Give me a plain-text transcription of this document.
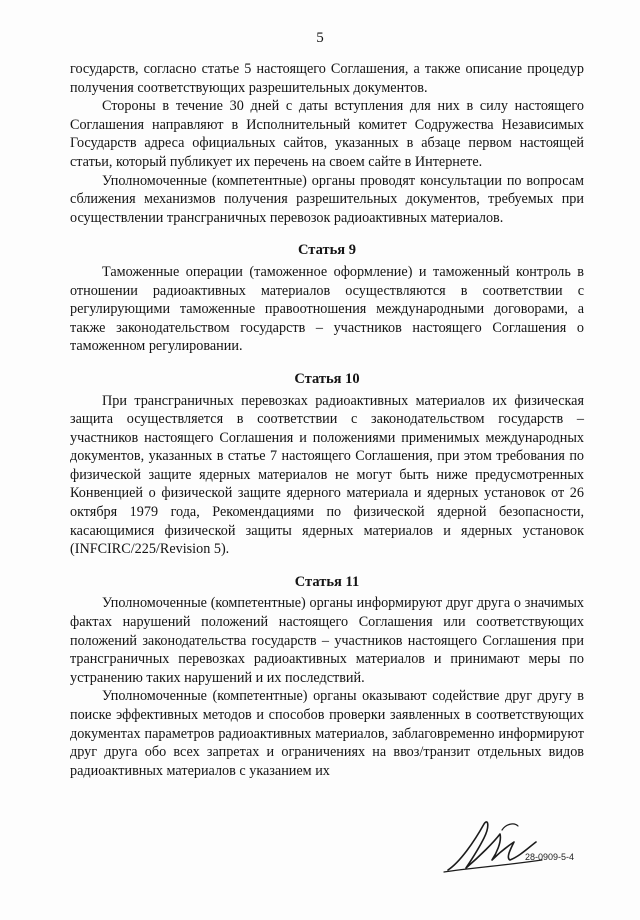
5

государств, согласно статье 5 настоящего Соглашения, а также описание процедур получения соответствующих разрешительных документов.

Стороны в течение 30 дней с даты вступления для них в силу настоящего Соглашения направляют в Исполнительный комитет Содружества Независимых Государств адреса официальных сайтов, указанных в абзаце первом настоящей статьи, который публикует их перечень на своем сайте в Интернете.

Уполномоченные (компетентные) органы проводят консультации по вопросам сближения механизмов получения разрешительных документов, требуемых при осуществлении трансграничных перевозок радиоактивных материалов.

Статья 9

Таможенные операции (таможенное оформление) и таможенный контроль в отношении радиоактивных материалов осуществляются в соответствии с регулирующими таможенные правоотношения международными договорами, а также законодательством государств – участников настоящего Соглашения о таможенном регулировании.

Статья 10

При трансграничных перевозках радиоактивных материалов их физическая защита осуществляется в соответствии с законодательством государств – участников настоящего Соглашения и положениями применимых международных документов, указанных в статье 7 настоящего Соглашения, при этом требования по физической защите ядерных материалов не могут быть ниже предусмотренных Конвенцией о физической защите ядерного материала и ядерных установок от 26 октября 1979 года, Рекомендациями по физической ядерной безопасности, касающимися физической защиты ядерных материалов и ядерных установок (INFCIRC/225/Revision 5).

Статья 11

Уполномоченные (компетентные) органы информируют друг друга о значимых фактах нарушений положений настоящего Соглашения или соответствующих положений законодательства государств – участников настоящего Соглашения при трансграничных перевозках радиоактивных материалов и принимают меры по устранению таких нарушений и их последствий.

Уполномоченные (компетентные) органы оказывают содействие друг другу в поиске эффективных методов и способов проверки заявленных в соответствующих документах параметров радиоактивных материалов, заблаговременно информируют друг друга обо всех запретах и ограничениях на ввоз/транзит отдельных видов радиоактивных материалов с указанием их

28-0909-5-4
